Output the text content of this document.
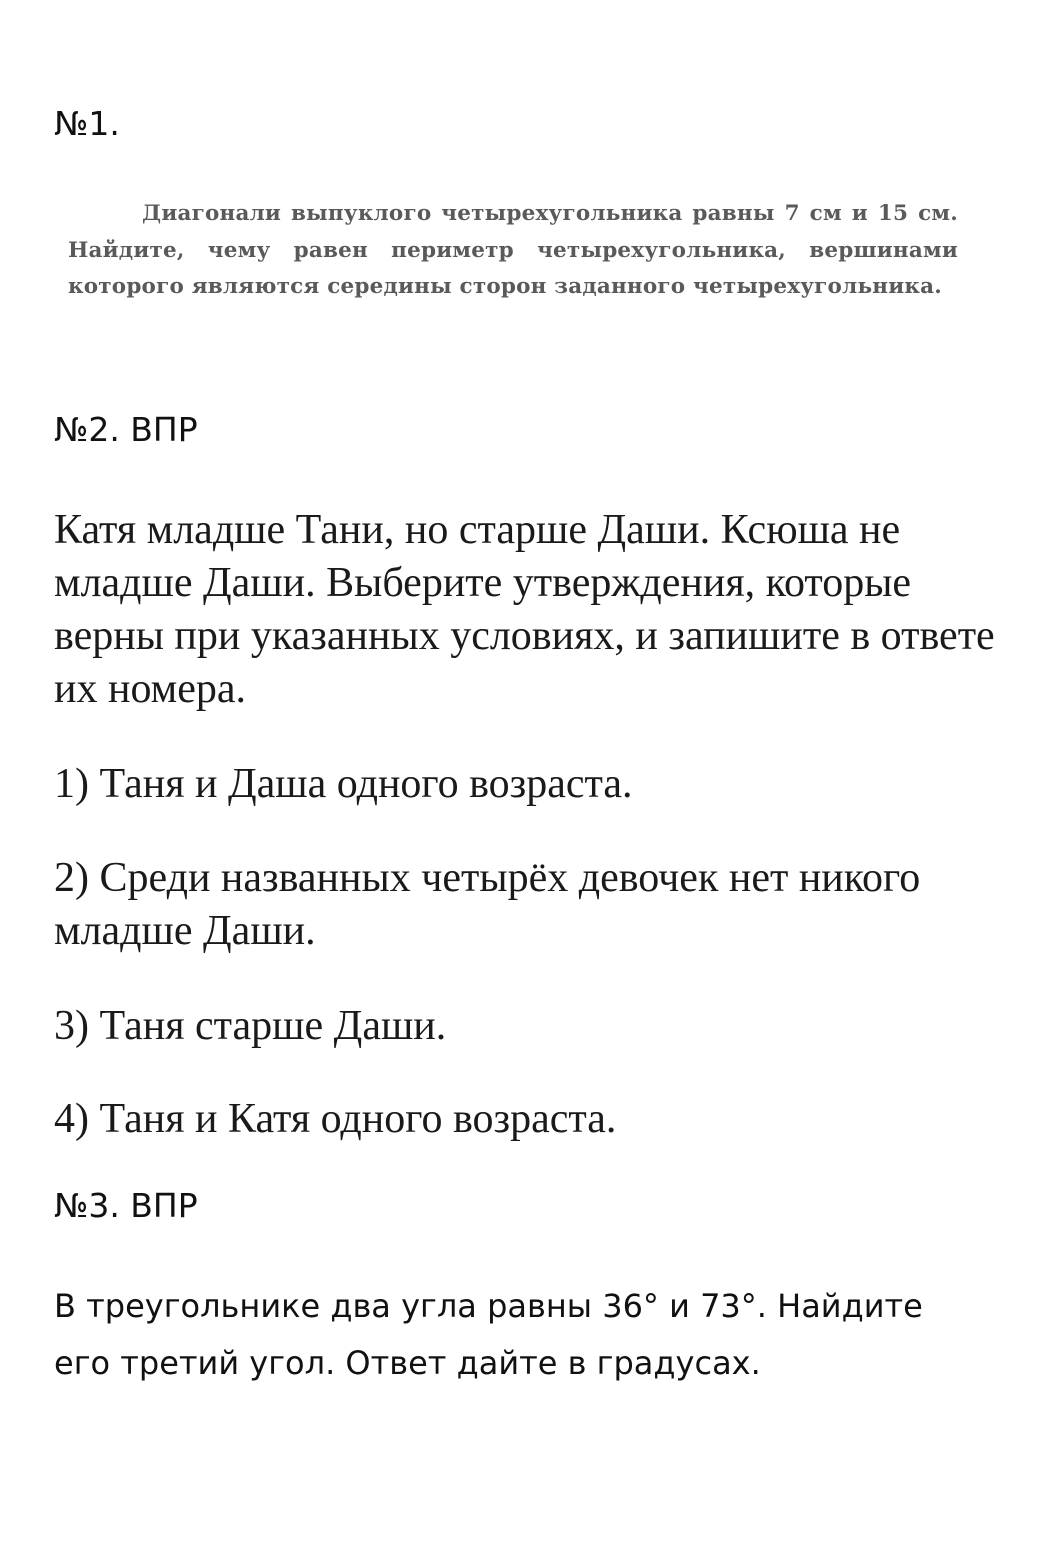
№1.

Диагонали выпуклого четырехугольника равны 7 см и 15 см. Найдите, чему равен периметр четырехугольника, вершинами которого являются середины сторон заданного четырехугольника.

№2. ВПР

Катя младше Тани, но старше Даши. Ксюша не младше Даши. Выберите утверждения, которые верны при указанных условиях, и запишите в ответе их номера.

1) Таня и Даша одного возраста.

2) Среди названных четырёх девочек нет никого младше Даши.

3) Таня старше Даши.

4) Таня и Катя одного возраста.

№3. ВПР

В треугольнике два угла равны 36° и 73°. Найдите его третий угол. Ответ дайте в градусах.
